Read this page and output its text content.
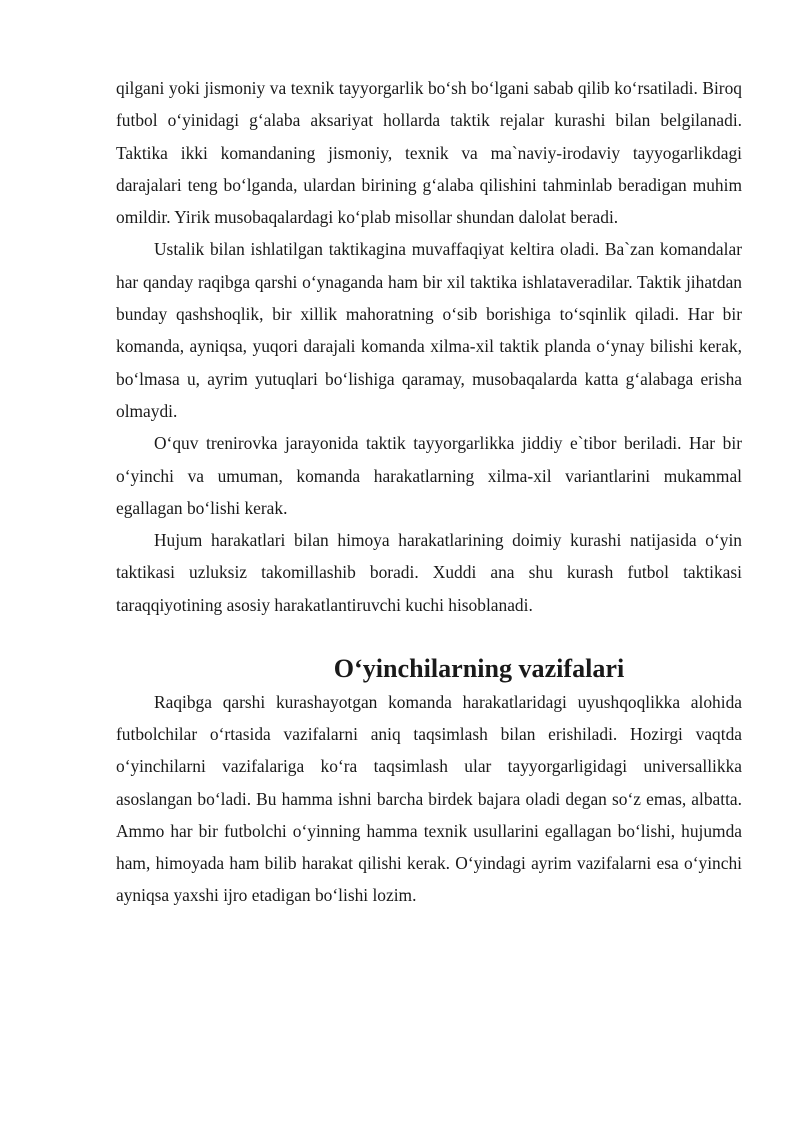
qilgani yoki jismoniy va texnik tayyorgarlik bo‘sh bo‘lgani sabab qilib ko‘rsatiladi. Biroq futbol o‘yinidagi g‘alaba aksariyat hollarda taktik rejalar kurashi bilan belgilanadi. Taktika ikki komandaning jismoniy, texnik va ma`naviy-irodaviy tayyogarlikdagi darajalari teng bo‘lganda, ulardan birining g‘alaba qilishini tahminlab beradigan muhim omildir. Yirik musobaqalardagi ko‘plab misollar shundan dalolat beradi.

Ustalik bilan ishlatilgan taktikagina muvaffaqiyat keltira oladi. Ba`zan komandalar har qanday raqibga qarshi o‘ynaganda ham bir xil taktika ishlataveradilar. Taktik jihatdan bunday qashshoqlik, bir xillik mahoratning o‘sib borishiga to‘sqinlik qiladi. Har bir komanda, ayniqsa, yuqori darajali komanda xilma-xil taktik planda o‘ynay bilishi kerak, bo‘lmasa u, ayrim yutuqlari bo‘lishiga qaramay, musobaqalarda katta g‘alabaga erisha olmaydi.

O‘quv trenirovka jarayonida taktik tayyorgarlikka jiddiy e`tibor beriladi. Har bir o‘yinchi va umuman, komanda harakatlarning xilma-xil variantlarini mukammal egallagan bo‘lishi kerak.

Hujum harakatlari bilan himoya harakatlarining doimiy kurashi natijasida o‘yin taktikasi uzluksiz takomillashib boradi. Xuddi ana shu kurash futbol taktikasi taraqqiyotining asosiy harakatlantiruvchi kuchi hisoblanadi.

O‘yinchilarning vazifalari

Raqibga qarshi kurashayotgan komanda harakatlaridagi uyushqoqlikka alohida futbolchilar o‘rtasida vazifalarni aniq taqsimlash bilan erishiladi. Hozirgi vaqtda o‘yinchilarni vazifalariga ko‘ra taqsimlash ular tayyorgarligidagi universallikka asoslangan bo‘ladi. Bu hamma ishni barcha birdek bajara oladi degan so‘z emas, albatta. Ammo har bir futbolchi o‘yinning hamma texnik usullarini egallagan bo‘lishi, hujumda ham, himoyada ham bilib harakat qilishi kerak. O‘yindagi ayrim vazifalarni esa o‘yinchi ayniqsa yaxshi ijro etadigan bo‘lishi lozim.
